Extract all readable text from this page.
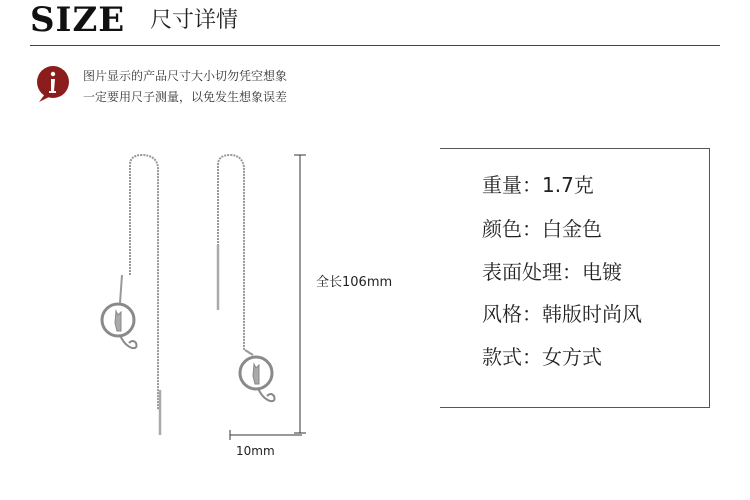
SIZE 尺寸详情
图片显示的产品尺寸大小切勿凭空想象
一定要用尺子测量，以免发生想象误差
全长106mm
10mm
重量：1.7克
颜色：白金色
表面处理：电镀
风格：韩版时尚风
款式：女方式
